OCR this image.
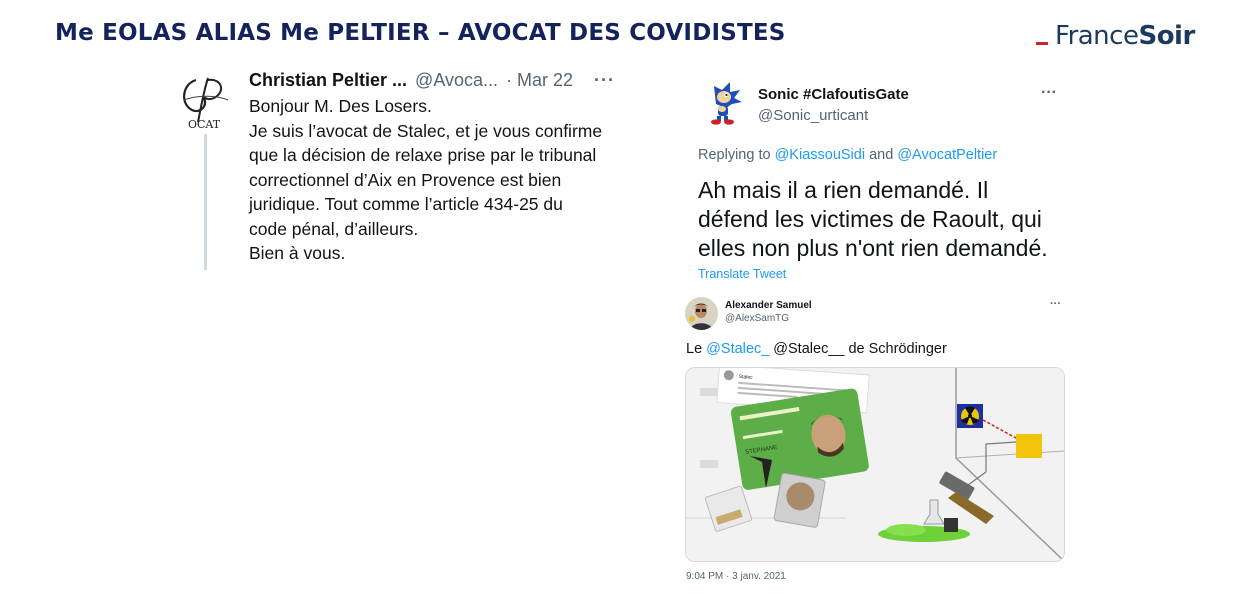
Me EOLAS ALIAS Me PELTIER – AVOCAT DES COVIDISTES	France Soir
OCAT
Christian Peltier ... @Avoca... · Mar 22 ···

Bonjour M. Des Losers.

Je suis l’avocat de Stalec, et je vous confirme

que la décision de relaxe prise par le tribunal

correctionnel d’Aix en Provence est bien

juridique. Tout comme l’article 434-25 du

code pénal, d’ailleurs.

Bien à vous.

Sonic #ClafoutisGate
@Sonic_urticant
···
Replying to @KiassouSidi and @AvocatPeltier
Ah mais il a rien demandé. Il
défend les victimes de Raoult, qui
elles non plus n'ont rien demandé.
Translate Tweet
Alexander Samuel
@AlexSamTG
···
Le @Stalec_ @Stalec__ de Schrödinger
Stalec
STEPHANE
9:04 PM · 3 janv. 2021
